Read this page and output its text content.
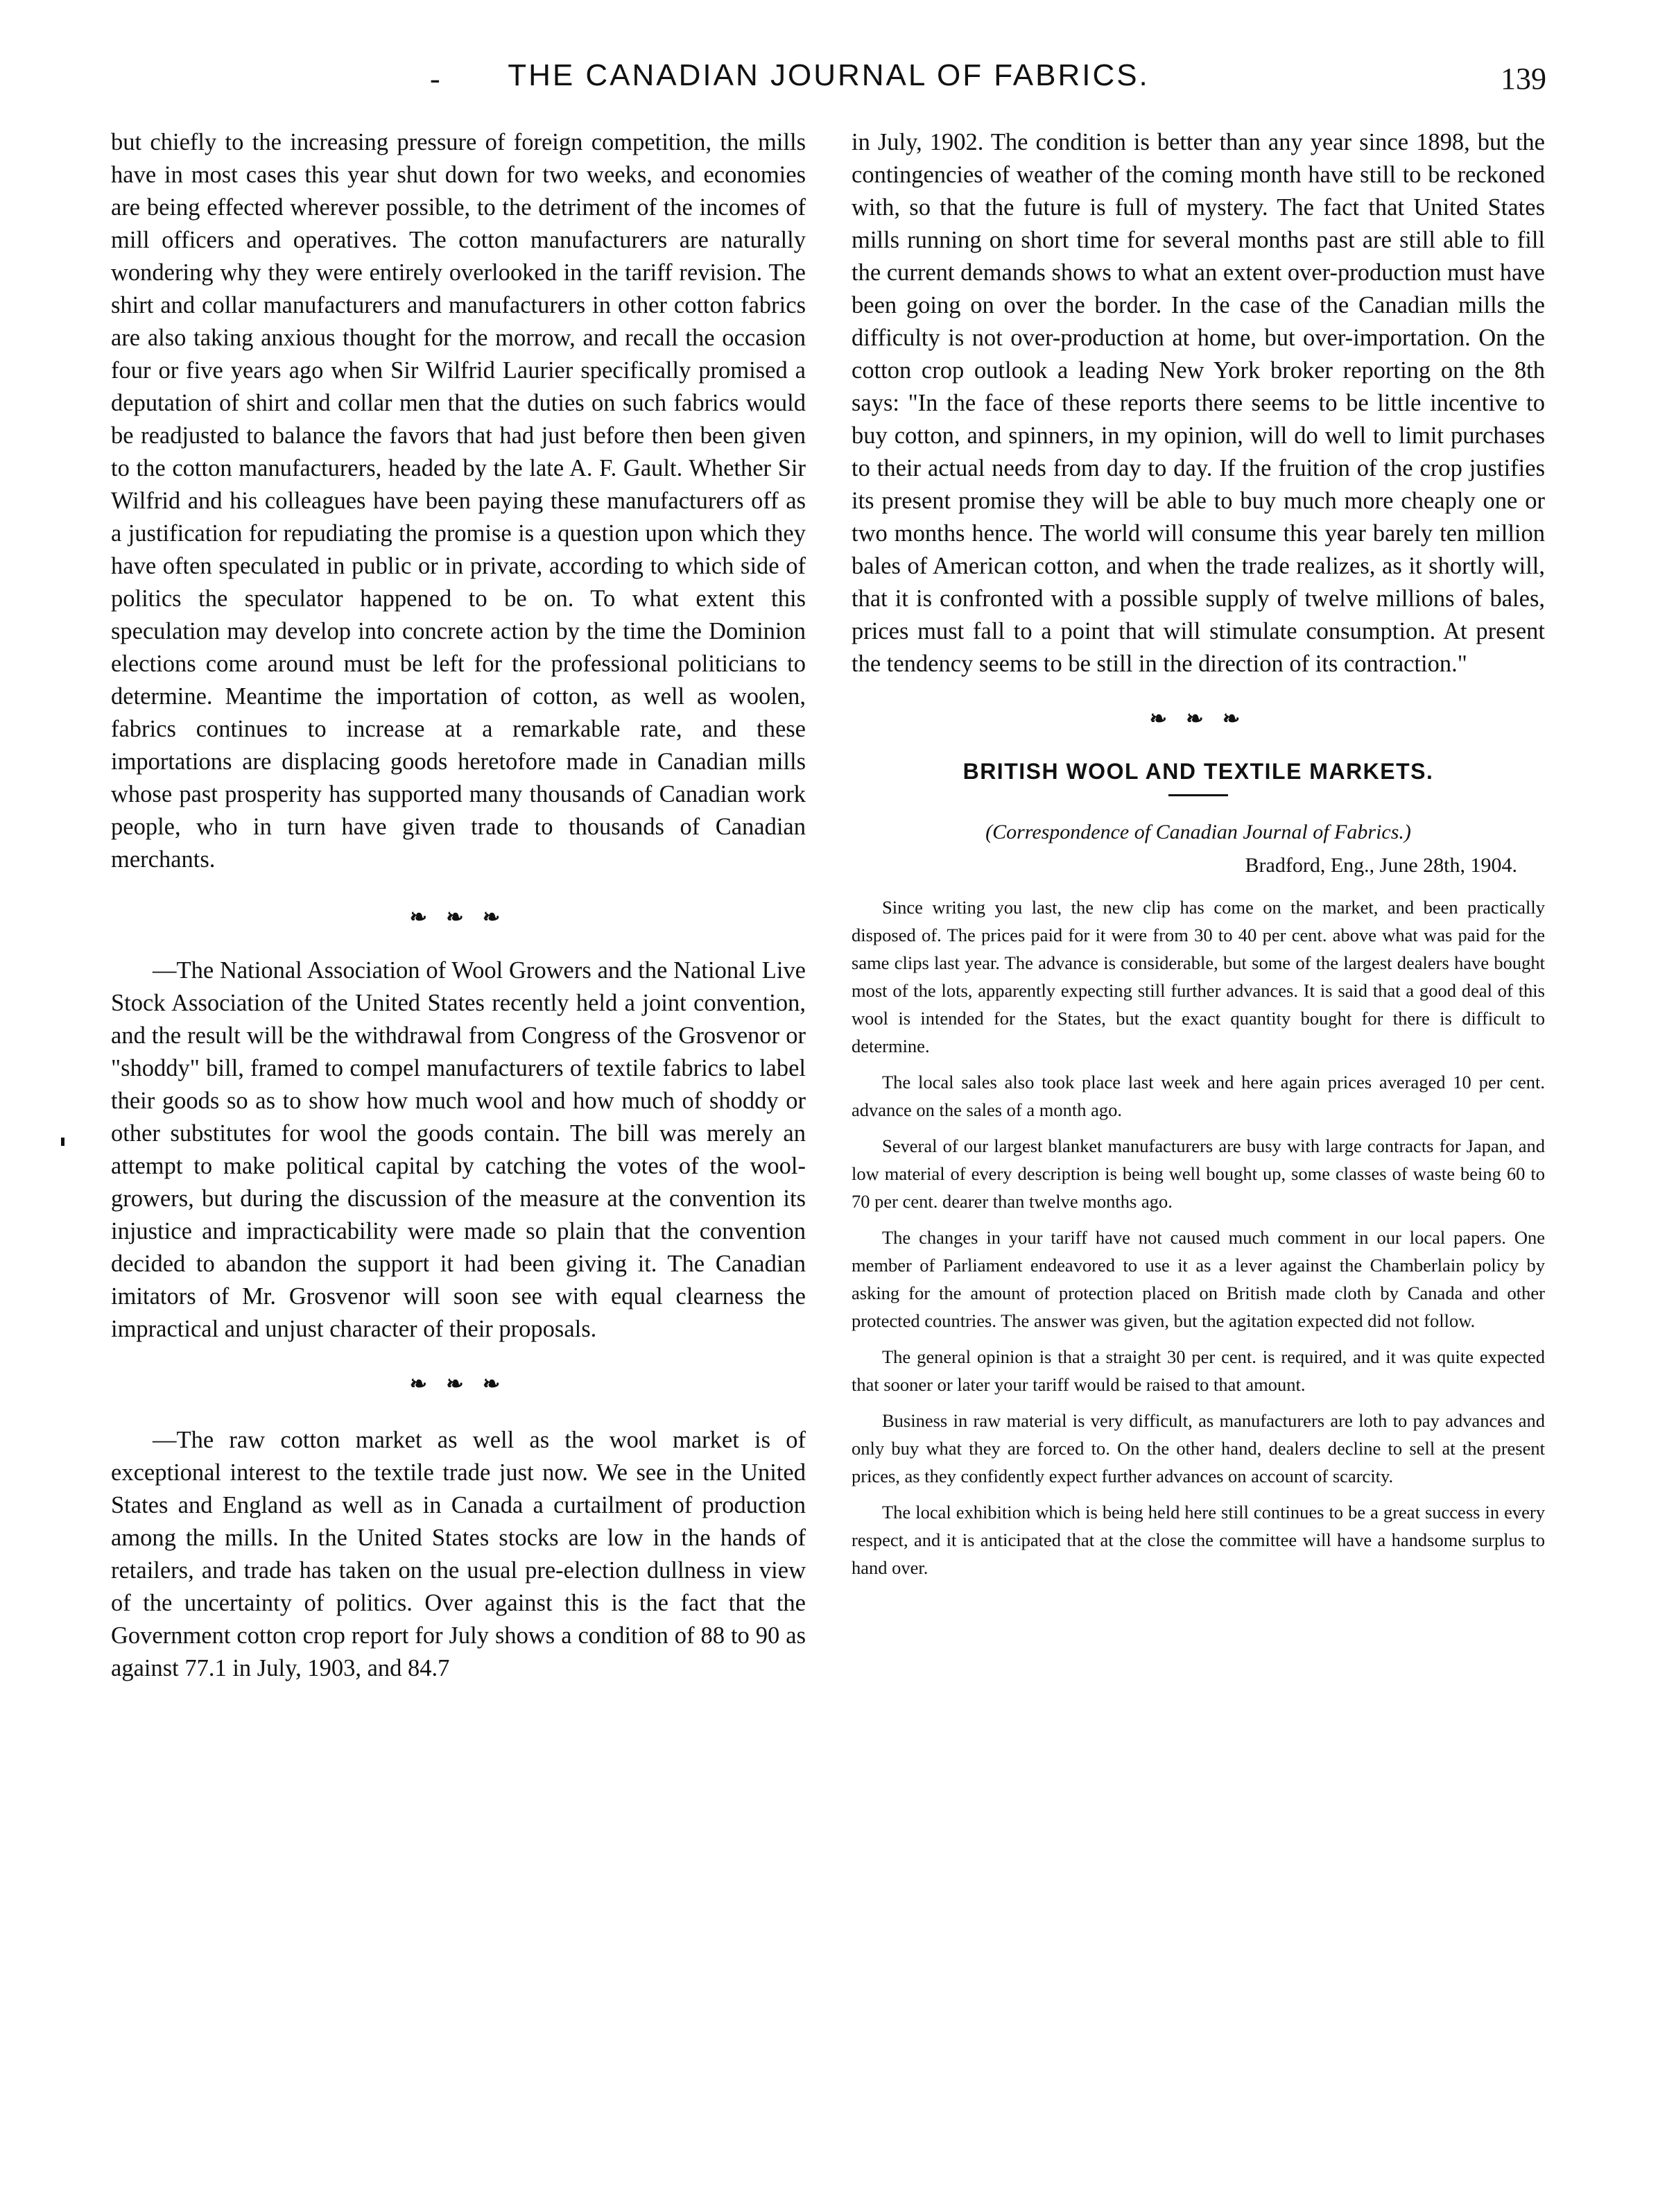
-	THE CANADIAN JOURNAL OF FABRICS.	139

but chiefly to the increasing pressure of foreign competition, the mills have in most cases this year shut down for two weeks, and economies are being effected wherever possible, to the detriment of the incomes of mill officers and operatives. The cotton manufacturers are naturally wondering why they were entirely overlooked in the tariff revision. The shirt and collar manufacturers and manufacturers in other cotton fabrics are also taking anxious thought for the morrow, and recall the occasion four or five years ago when Sir Wilfrid Laurier specifically promised a deputation of shirt and collar men that the duties on such fabrics would be readjusted to balance the favors that had just before then been given to the cotton manufacturers, headed by the late A. F. Gault. Whether Sir Wilfrid and his colleagues have been paying these manufacturers off as a justification for repudiating the promise is a question upon which they have often speculated in public or in private, according to which side of politics the speculator happened to be on. To what extent this speculation may develop into concrete action by the time the Dominion elections come around must be left for the professional politicians to determine. Meantime the importation of cotton, as well as woolen, fabrics continues to increase at a remarkable rate, and these importations are displacing goods heretofore made in Canadian mills whose past prosperity has supported many thousands of Canadian work people, who in turn have given trade to thousands of Canadian merchants.

❧ ❧ ❧

—The National Association of Wool Growers and the National Live Stock Association of the United States recently held a joint convention, and the result will be the withdrawal from Congress of the Grosvenor or "shoddy" bill, framed to compel manufacturers of textile fabrics to label their goods so as to show how much wool and how much of shoddy or other substitutes for wool the goods contain. The bill was merely an attempt to make political capital by catching the votes of the wool-growers, but during the discussion of the measure at the convention its injustice and impracticability were made so plain that the convention decided to abandon the support it had been giving it. The Canadian imitators of Mr. Grosvenor will soon see with equal clearness the impractical and unjust character of their proposals.

❧ ❧ ❧

—The raw cotton market as well as the wool market is of exceptional interest to the textile trade just now. We see in the United States and England as well as in Canada a curtailment of production among the mills. In the United States stocks are low in the hands of retailers, and trade has taken on the usual pre-election dullness in view of the uncertainty of politics. Over against this is the fact that the Government cotton crop report for July shows a condition of 88 to 90 as against 77.1 in July, 1903, and 84.7

in July, 1902. The condition is better than any year since 1898, but the contingencies of weather of the coming month have still to be reckoned with, so that the future is full of mystery. The fact that United States mills running on short time for several months past are still able to fill the current demands shows to what an extent over-production must have been going on over the border. In the case of the Canadian mills the difficulty is not over-production at home, but over-importation. On the cotton crop outlook a leading New York broker reporting on the 8th says: "In the face of these reports there seems to be little incentive to buy cotton, and spinners, in my opinion, will do well to limit purchases to their actual needs from day to day. If the fruition of the crop justifies its present promise they will be able to buy much more cheaply one or two months hence. The world will consume this year barely ten million bales of American cotton, and when the trade realizes, as it shortly will, that it is confronted with a possible supply of twelve millions of bales, prices must fall to a point that will stimulate consumption. At present the tendency seems to be still in the direction of its contraction."

❧ ❧ ❧
BRITISH WOOL AND TEXTILE MARKETS.
(Correspondence of Canadian Journal of Fabrics.)
Bradford, Eng., June 28th, 1904.

Since writing you last, the new clip has come on the market, and been practically disposed of. The prices paid for it were from 30 to 40 per cent. above what was paid for the same clips last year. The advance is considerable, but some of the largest dealers have bought most of the lots, apparently expecting still further advances. It is said that a good deal of this wool is intended for the States, but the exact quantity bought for there is difficult to determine.

The local sales also took place last week and here again prices averaged 10 per cent. advance on the sales of a month ago.

Several of our largest blanket manufacturers are busy with large contracts for Japan, and low material of every description is being well bought up, some classes of waste being 60 to 70 per cent. dearer than twelve months ago.

The changes in your tariff have not caused much comment in our local papers. One member of Parliament endeavored to use it as a lever against the Chamberlain policy by asking for the amount of protection placed on British made cloth by Canada and other protected countries. The answer was given, but the agitation expected did not follow.

The general opinion is that a straight 30 per cent. is required, and it was quite expected that sooner or later your tariff would be raised to that amount.

Business in raw material is very difficult, as manufacturers are loth to pay advances and only buy what they are forced to. On the other hand, dealers decline to sell at the present prices, as they confidently expect further advances on account of scarcity.

The local exhibition which is being held here still continues to be a great success in every respect, and it is anticipated that at the close the committee will have a handsome surplus to hand over.
